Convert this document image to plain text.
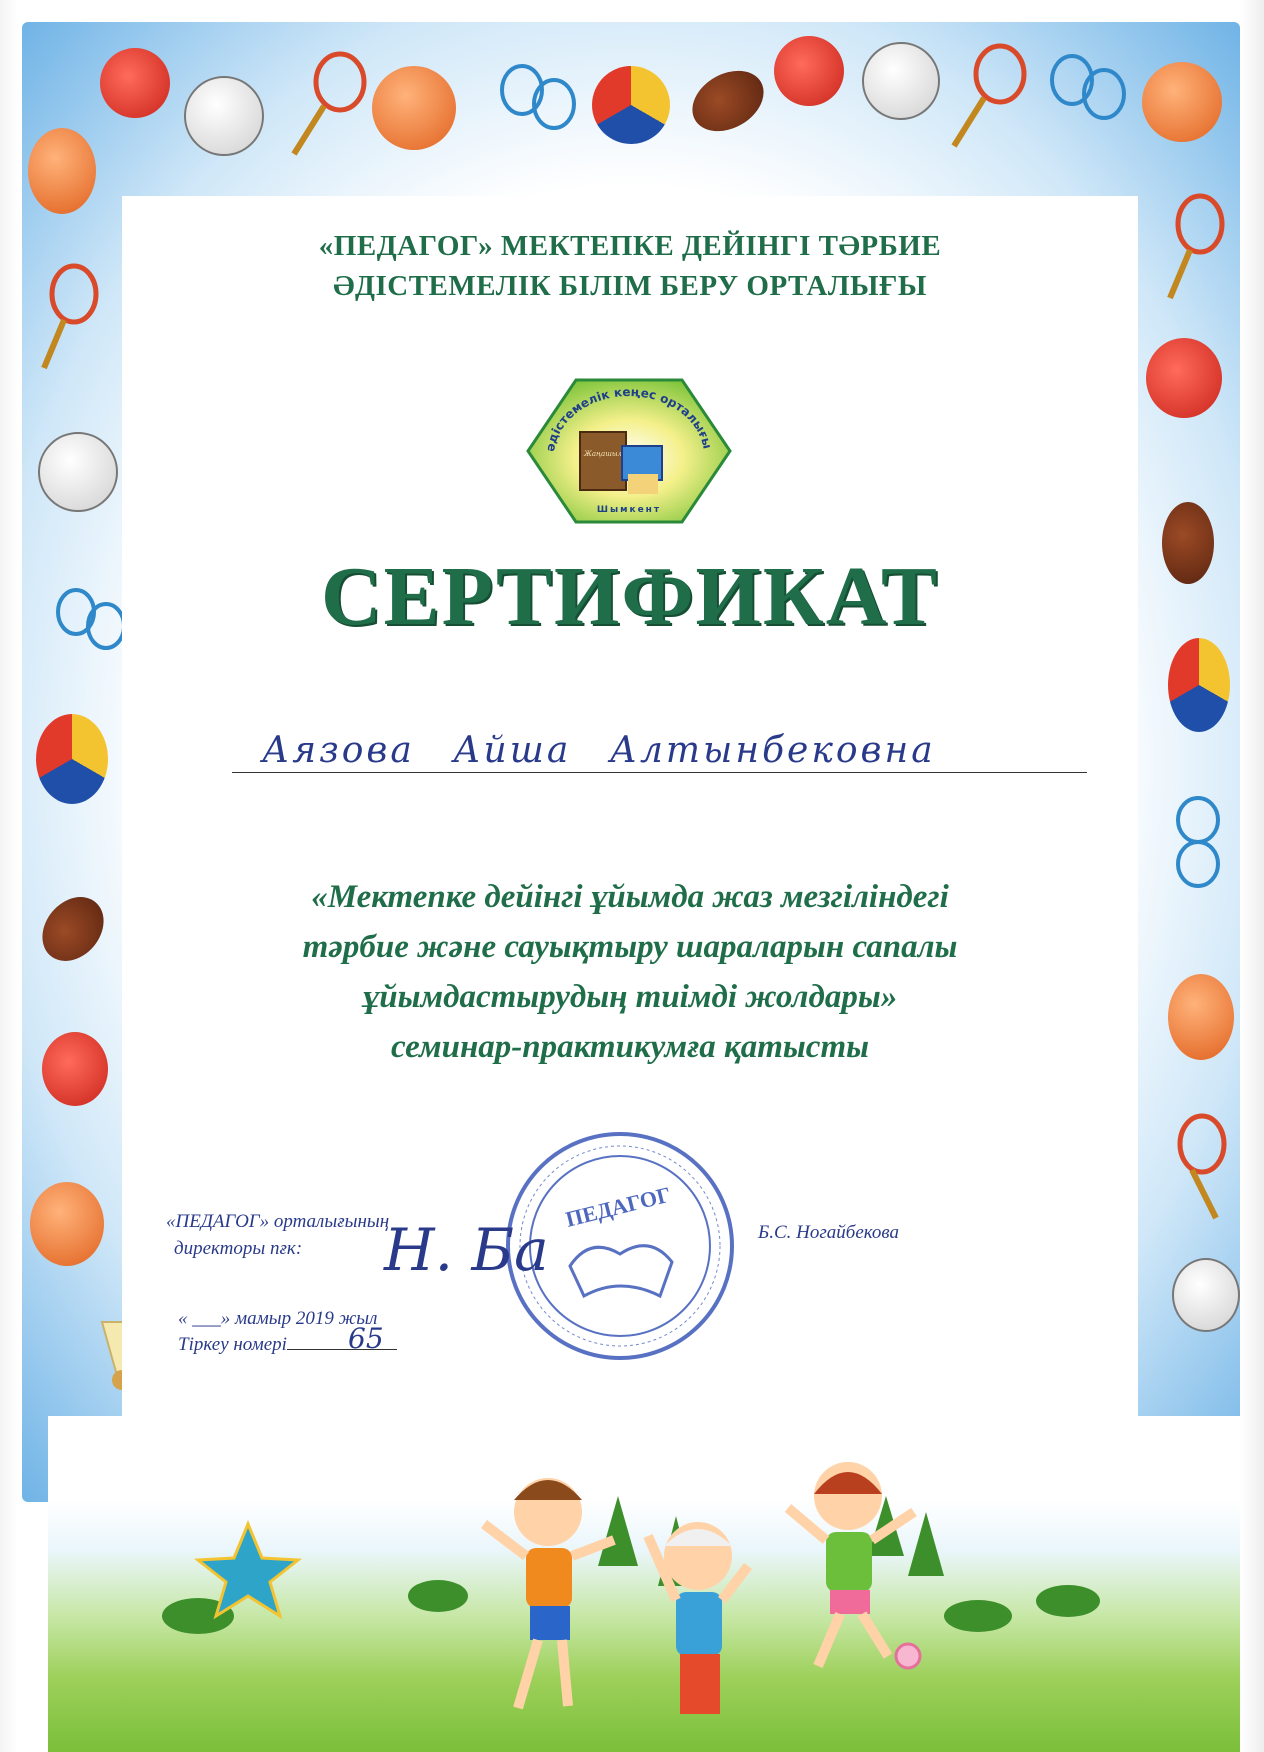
«ПЕДАГОГ» МЕКТЕПКЕ ДЕЙІНГІ ТӘРБИЕ
ӘДІСТЕМЕЛІК БІЛІМ БЕРУ ОРТАЛЫҒЫ
әдістемелік кеңес орталығы
Жаңашыл
Шымкент
СЕРТИФИКАТ
Аязова Айша Алтынбековна
«Мектепке дейінгі ұйымда жаз мезгіліндегі
тәрбие және сауықтыру шараларын сапалы
ұйымдастырудың тиімді жолдары»
семинар-практикумға қатысты
ПЕДАГОГ
«ПЕДАГОГ» орталығының
директоры пғк:	Н. Ба	Б.С. Ногайбекова
« ___» мамыр 2019 жыл
Тіркеу номері	65
